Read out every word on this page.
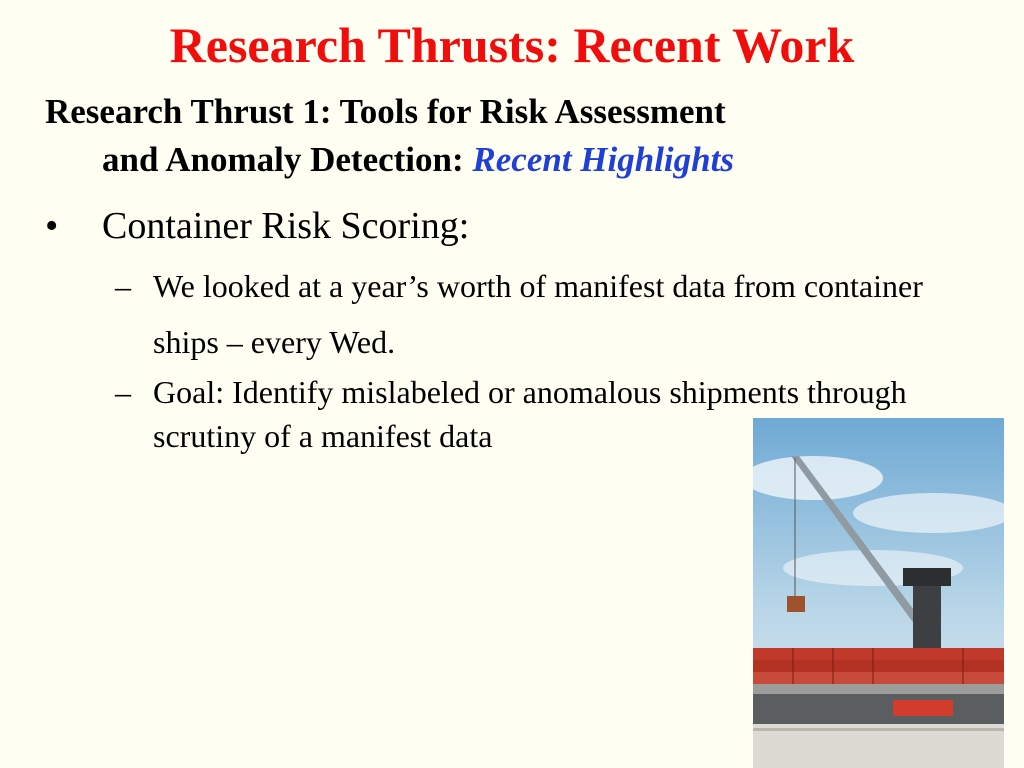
Research Thrusts: Recent Work
Research Thrust 1: Tools for Risk Assessment
and Anomaly Detection: Recent Highlights
• Container Risk Scoring:
– We looked at a year’s worth of manifest data from container ships – every Wed.
– Goal: Identify mislabeled or anomalous shipments through scrutiny of a manifest data
